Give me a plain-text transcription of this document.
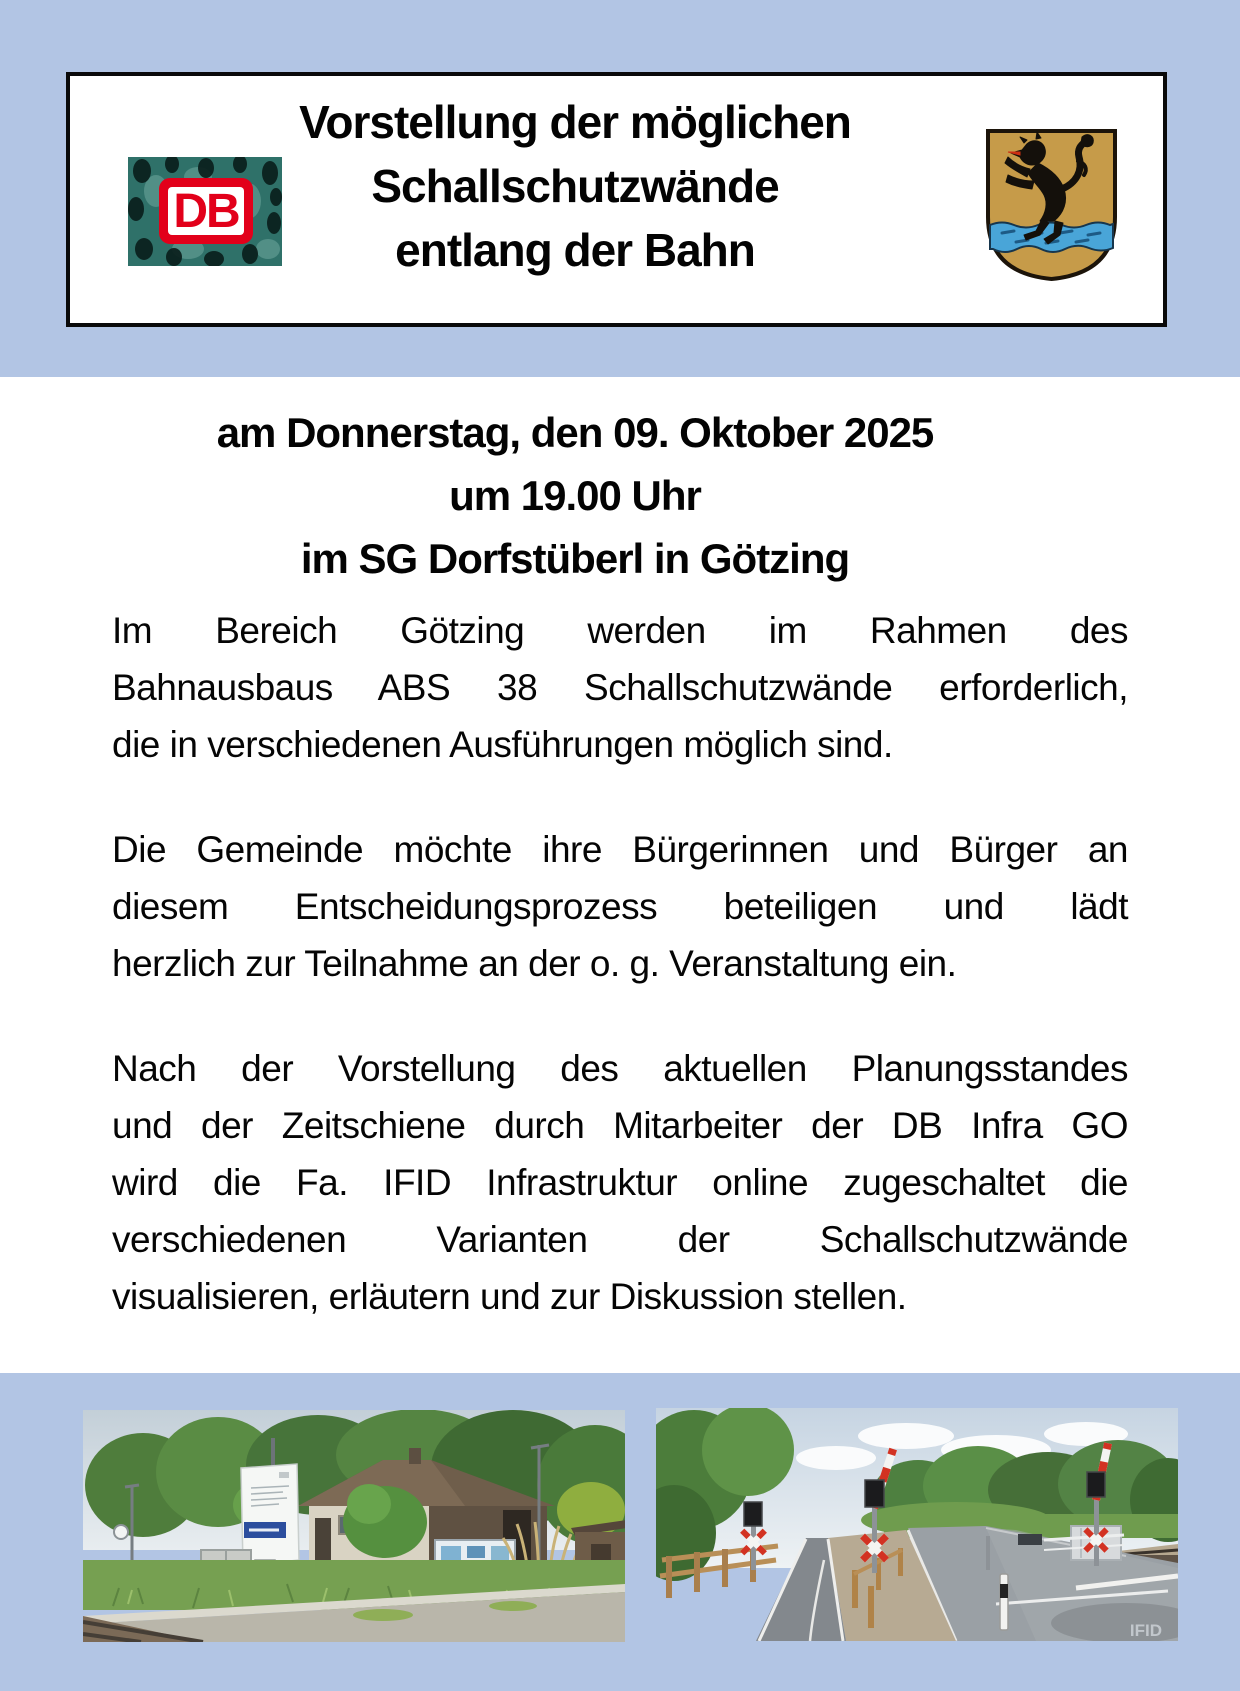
DB
Vorstellung der möglichen
Schallschutzwände
entlang der Bahn
am Donnerstag, den 09. Oktober 2025
um 19.00 Uhr
im SG Dorfstüberl in Götzing

Im Bereich Götzing werden im Rahmen des
Bahnausbaus ABS 38 Schallschutzwände erforderlich,
die in verschiedenen Ausführungen möglich sind.

Die Gemeinde möchte ihre Bürgerinnen und Bürger an
diesem Entscheidungsprozess beteiligen und lädt
herzlich zur Teilnahme an der o. g. Veranstaltung ein.

Nach der Vorstellung des aktuellen Planungsstandes
und der Zeitschiene durch Mitarbeiter der DB Infra GO
wird die Fa. IFID Infrastruktur online zugeschaltet die
verschiedenen Varianten der Schallschutzwände
visualisieren, erläutern und zur Diskussion stellen.

IFID
